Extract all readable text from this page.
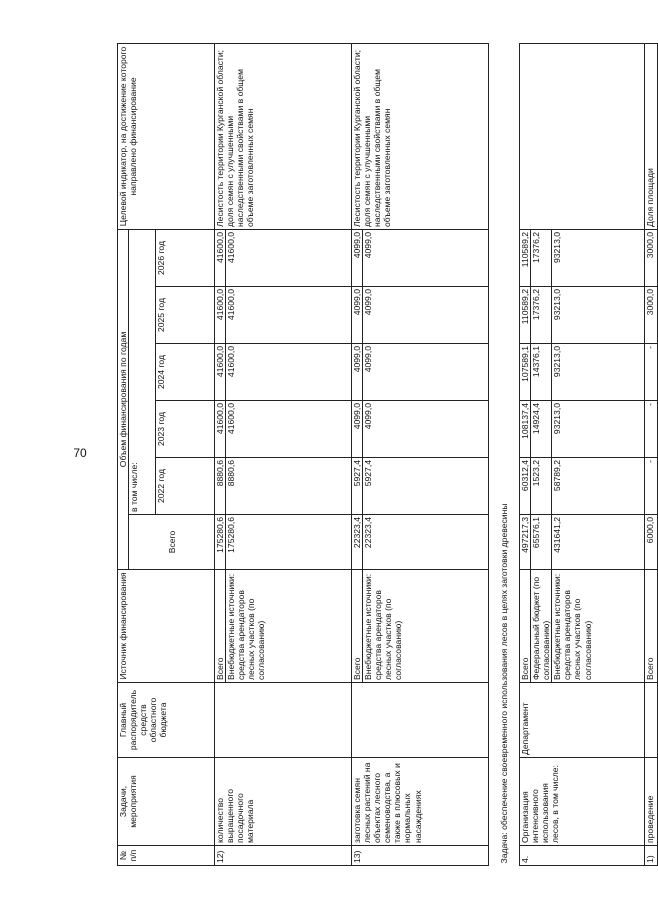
70
№ п/п	Задачи, мероприятия	Главный распорядитель средств областного бюджета	Источник финансирования	Объем финансирования по годам						Целевой индикатор, на достижение которого направлено финансирование
				Всего	в том числе:					
					2022 год	2023 год	2024 год	2025 год	2026 год	
12)	количество выращенного посадочного материала		Всего	175280,6	8880,6	41600,0	41600,0	41600,0	41600,0	Лесистость территории Курганской области; доля семян с улучшенными наследственными свойствами в общем объеме заготовленных семян
			Внебюджетные источники: средства арендаторов лесных участков (по согласованию)	175280,6	8880,6	41600,0	41600,0	41600,0	41600,0	
13)	заготовка семян лесных растений на объектах лесного семеноводства, а также в плюсовых и нормальных насаждениях		Всего	22323,4	5927,4	4099,0	4099,0	4099,0	4099,0	Лесистость территории Курганской области; доля семян с улучшенными наследственными свойствами в общем объеме заготовленных семян
			Внебюджетные источники: средства арендаторов лесных участков (по согласованию)	22323,4	5927,4	4099,0	4099,0	4099,0	4099,0	
Задача: обеспечение своевременного использования лесов в целях заготовки древесины										
4.	Организация интенсивного использования лесов, в том числе:	Департамент	Всего	497217,3	60312,4	108137,4	107589,1	110589,2	110589,2	
			Федеральный бюджет (по согласованию)	65576,1	1523,2	14924,4	14376,1	17376,2	17376,2	
			Внебюджетные источники: средства арендаторов лесных участков (по согласованию)	431641,2	58789,2	93213,0	93213,0	93213,0	93213,0	
1)	проведение		Всего	6000,0	-	-	-	3000,0	3000,0	Доля площади
